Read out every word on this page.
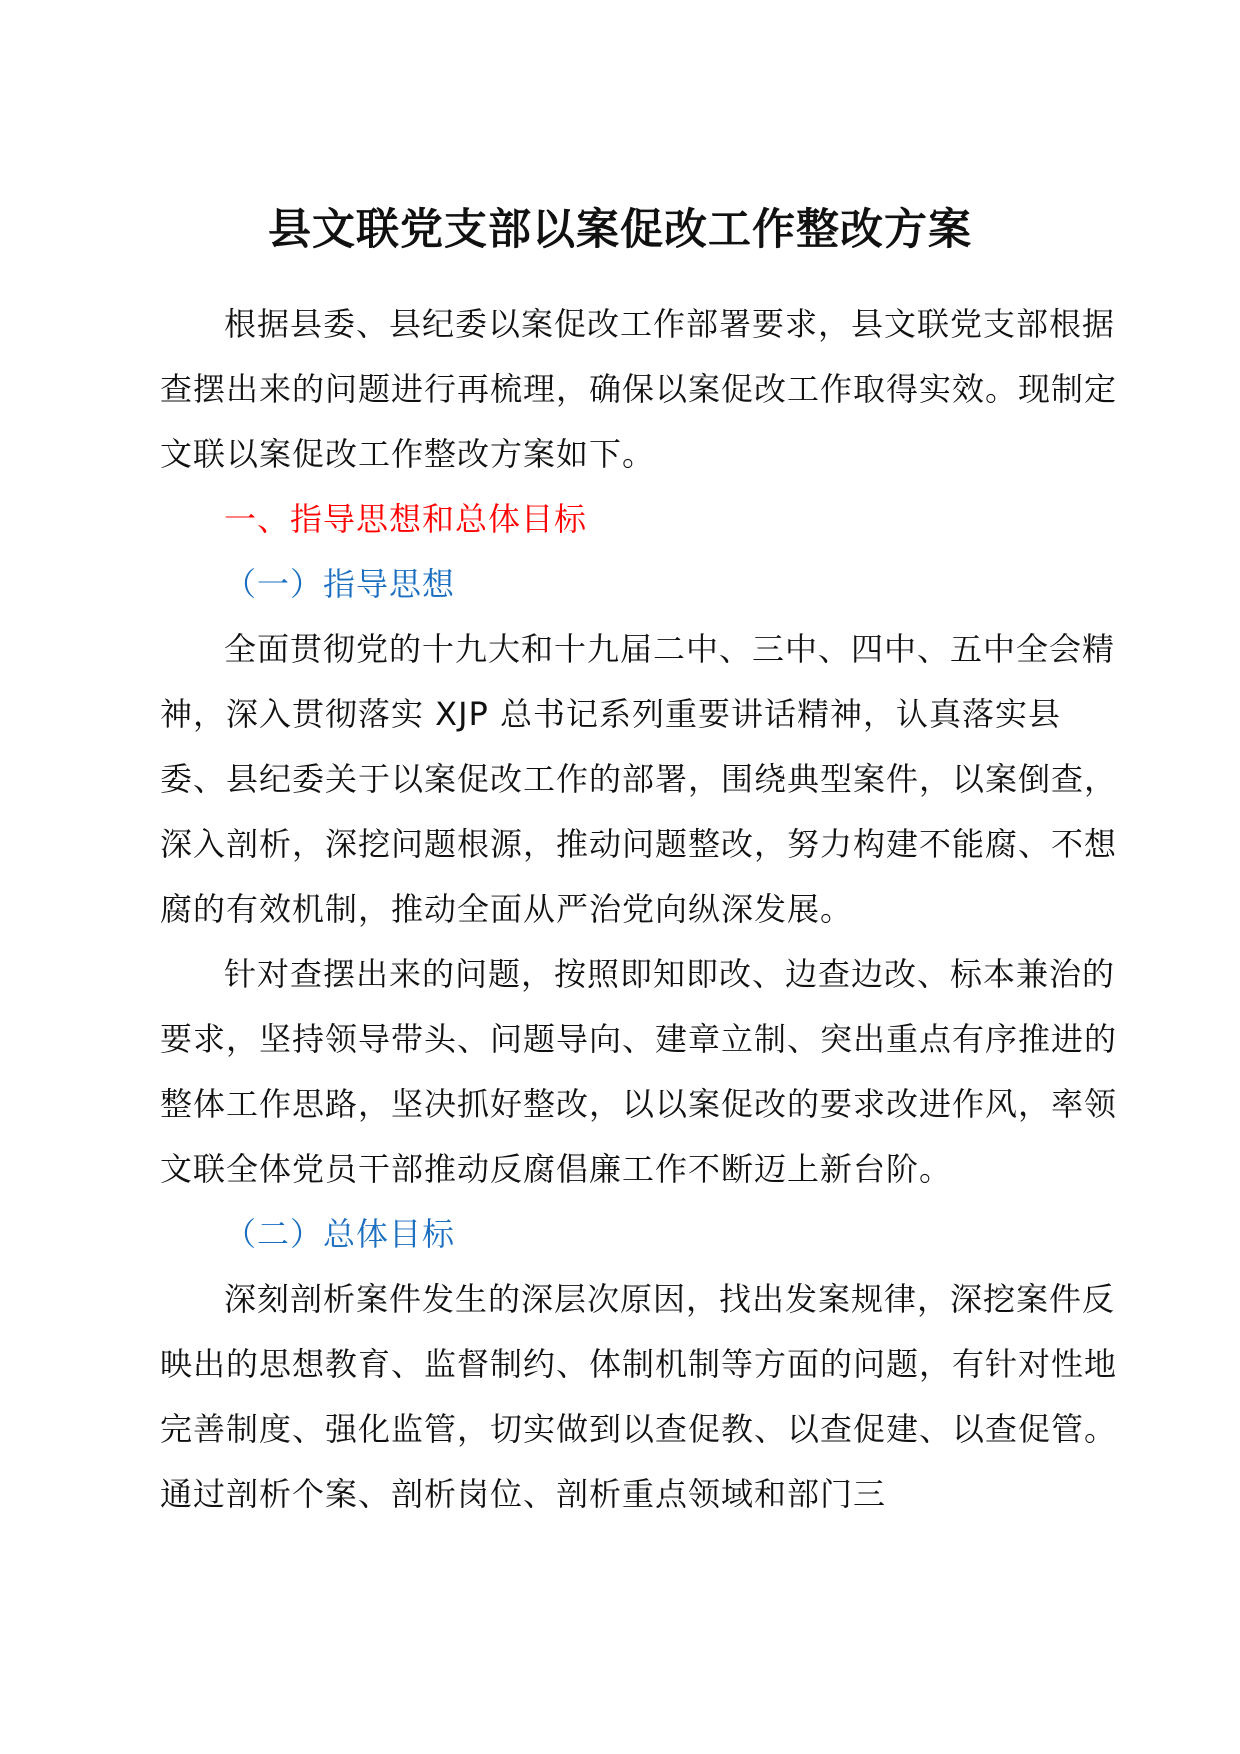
县文联党支部以案促改工作整改方案

根据县委、县纪委以案促改工作部署要求，县文联党支部根据查摆出来的问题进行再梳理，确保以案促改工作取得实效。现制定文联以案促改工作整改方案如下。

一、指导思想和总体目标

（一）指导思想

全面贯彻党的十九大和十九届二中、三中、四中、五中全会精神，深入贯彻落实 XJP 总书记系列重要讲话精神，认真落实县委、县纪委关于以案促改工作的部署，围绕典型案件，以案倒查，深入剖析，深挖问题根源，推动问题整改，努力构建不能腐、不想腐的有效机制，推动全面从严治党向纵深发展。

针对查摆出来的问题，按照即知即改、边查边改、标本兼治的要求，坚持领导带头、问题导向、建章立制、突出重点有序推进的整体工作思路，坚决抓好整改，以以案促改的要求改进作风，率领文联全体党员干部推动反腐倡廉工作不断迈上新台阶。

（二）总体目标

深刻剖析案件发生的深层次原因，找出发案规律，深挖案件反映出的思想教育、监督制约、体制机制等方面的问题，有针对性地完善制度、强化监管，切实做到以查促教、以查促建、以查促管。通过剖析个案、剖析岗位、剖析重点领域和部门三
